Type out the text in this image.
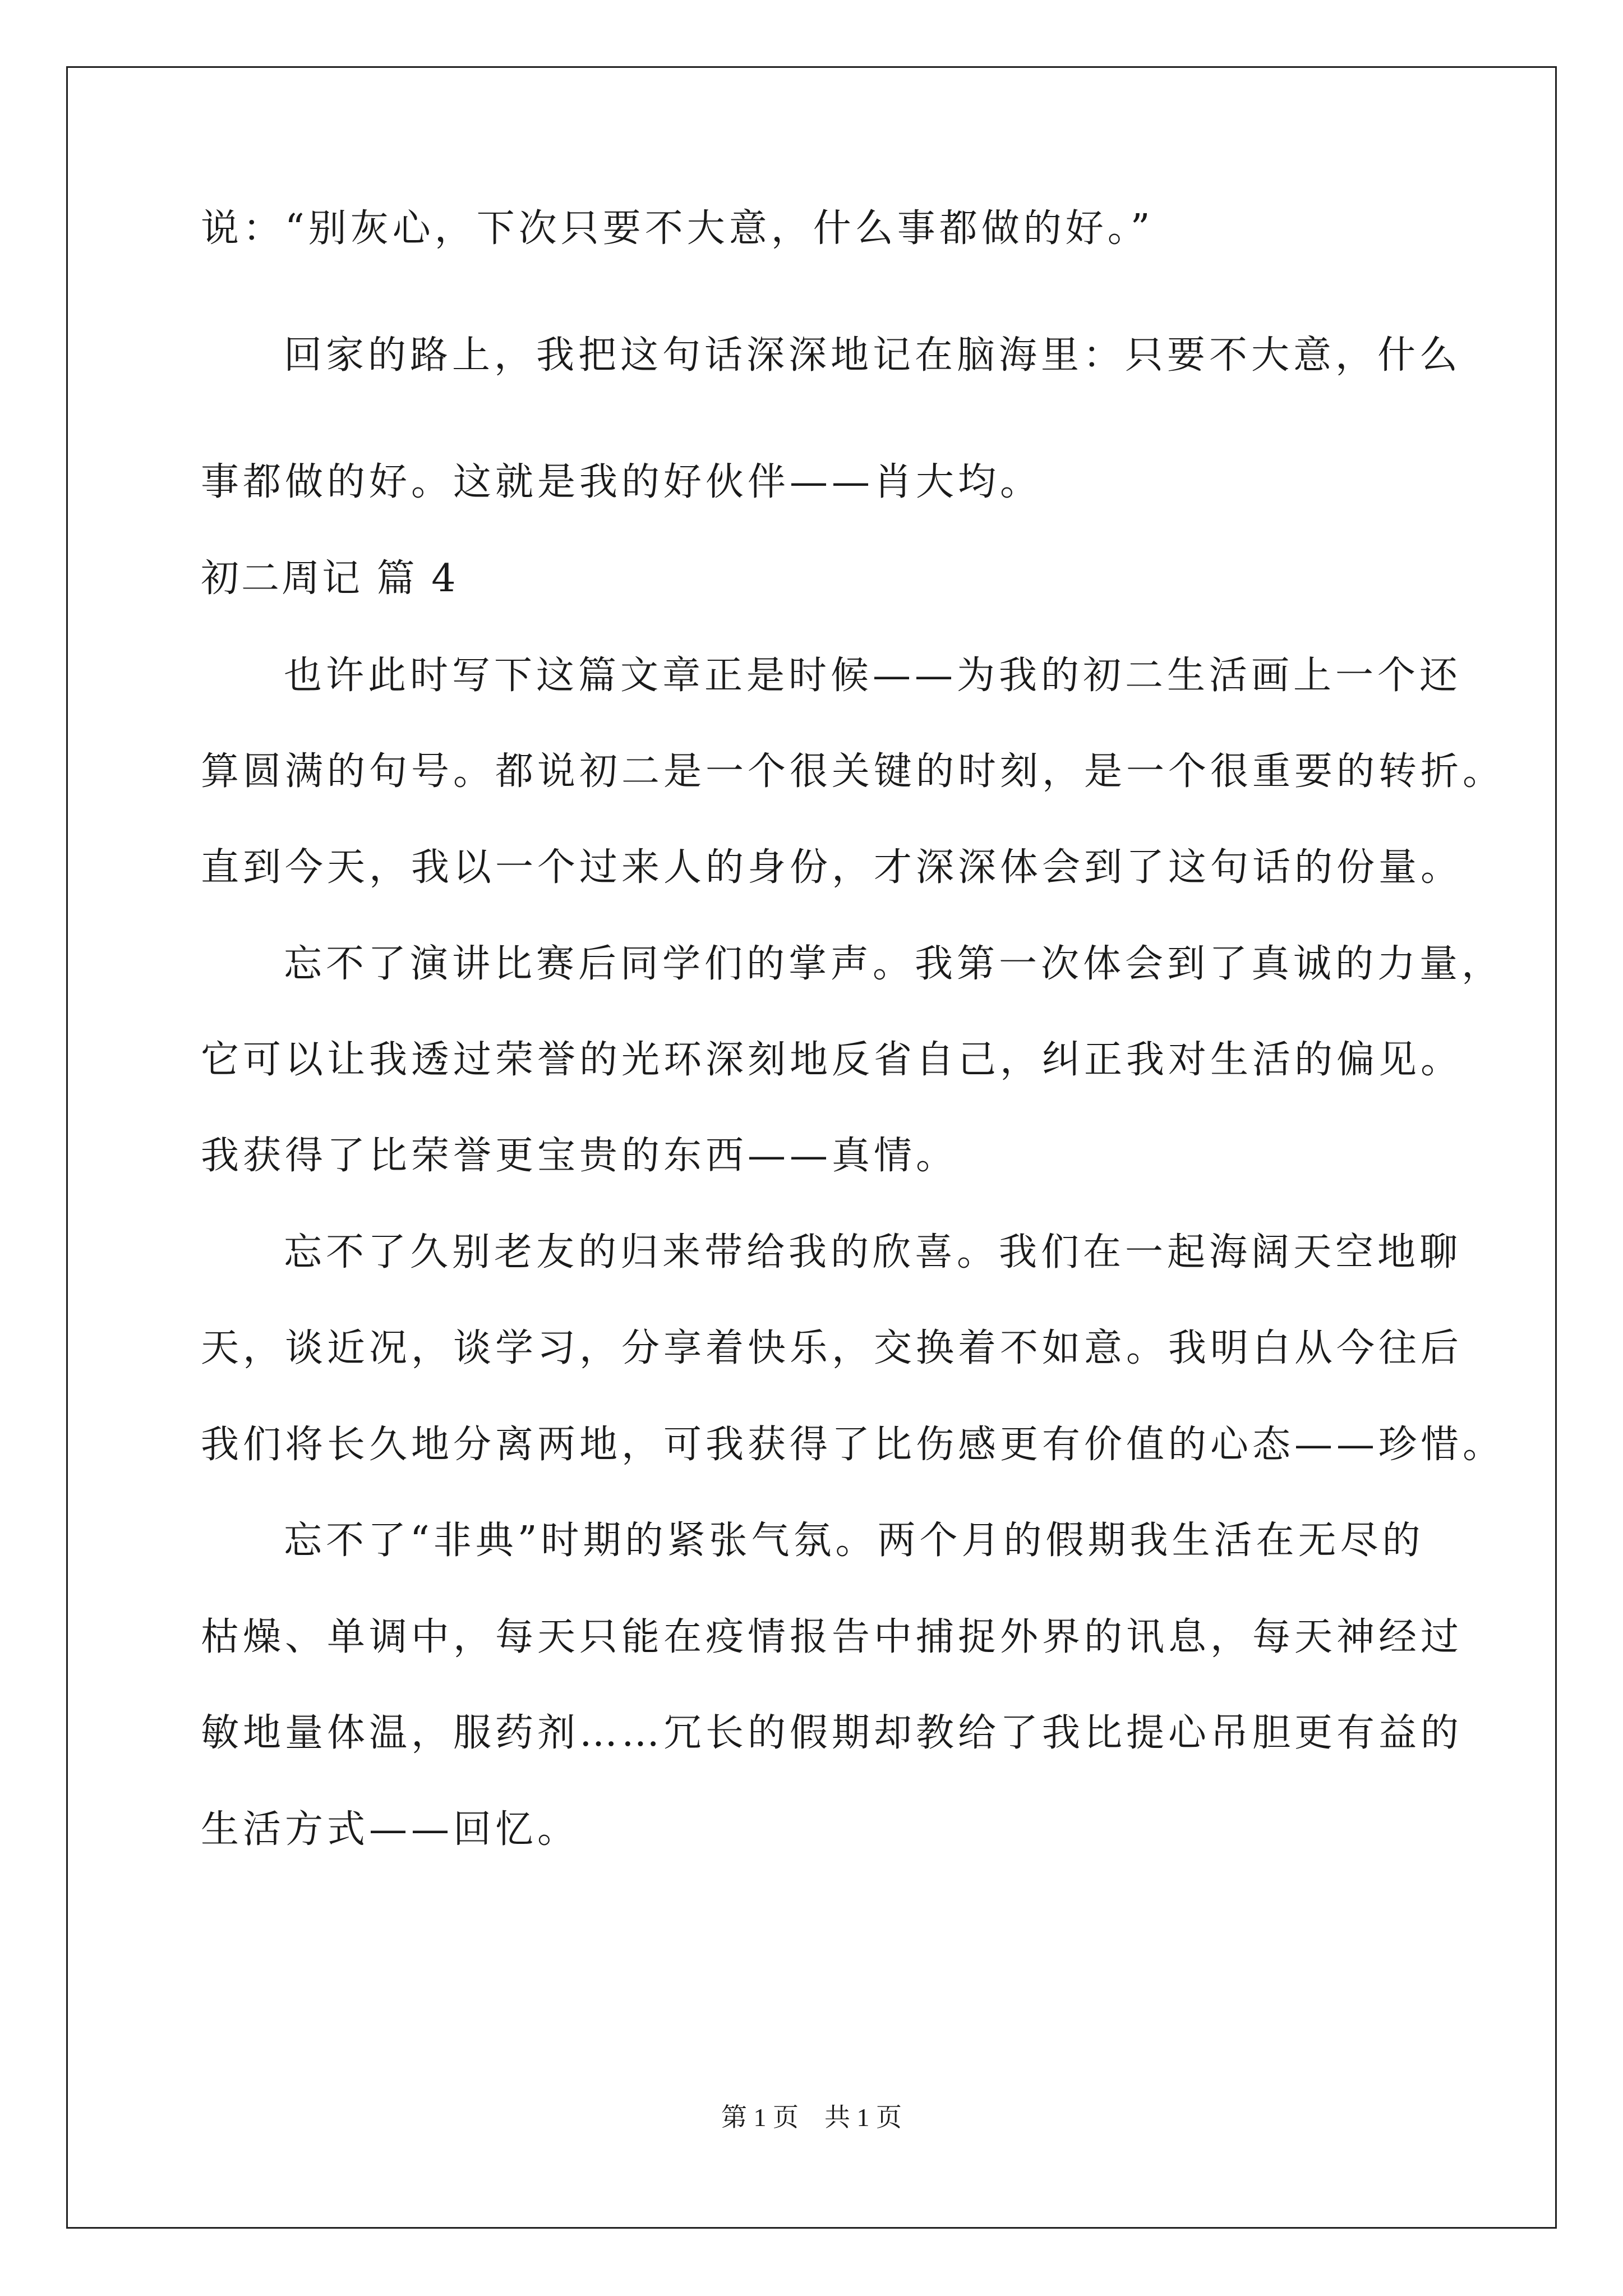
说：“别灰心，下次只要不大意，什么事都做的好。”
回家的路上，我把这句话深深地记在脑海里：只要不大意，什么
事都做的好。这就是我的好伙伴——肖大均。
初二周记 篇 4
也许此时写下这篇文章正是时候——为我的初二生活画上一个还
算圆满的句号。都说初二是一个很关键的时刻，是一个很重要的转折。
直到今天，我以一个过来人的身份，才深深体会到了这句话的份量。
忘不了演讲比赛后同学们的掌声。我第一次体会到了真诚的力量，
它可以让我透过荣誉的光环深刻地反省自己，纠正我对生活的偏见。
我获得了比荣誉更宝贵的东西——真情。
忘不了久别老友的归来带给我的欣喜。我们在一起海阔天空地聊
天，谈近况，谈学习，分享着快乐，交换着不如意。我明白从今往后
我们将长久地分离两地，可我获得了比伤感更有价值的心态——珍惜。
忘不了“非典”时期的紧张气氛。两个月的假期我生活在无尽的
枯燥、单调中，每天只能在疫情报告中捕捉外界的讯息，每天神经过
敏地量体温，服药剂……冗长的假期却教给了我比提心吊胆更有益的
生活方式——回忆。
第 1 页　共 1 页
